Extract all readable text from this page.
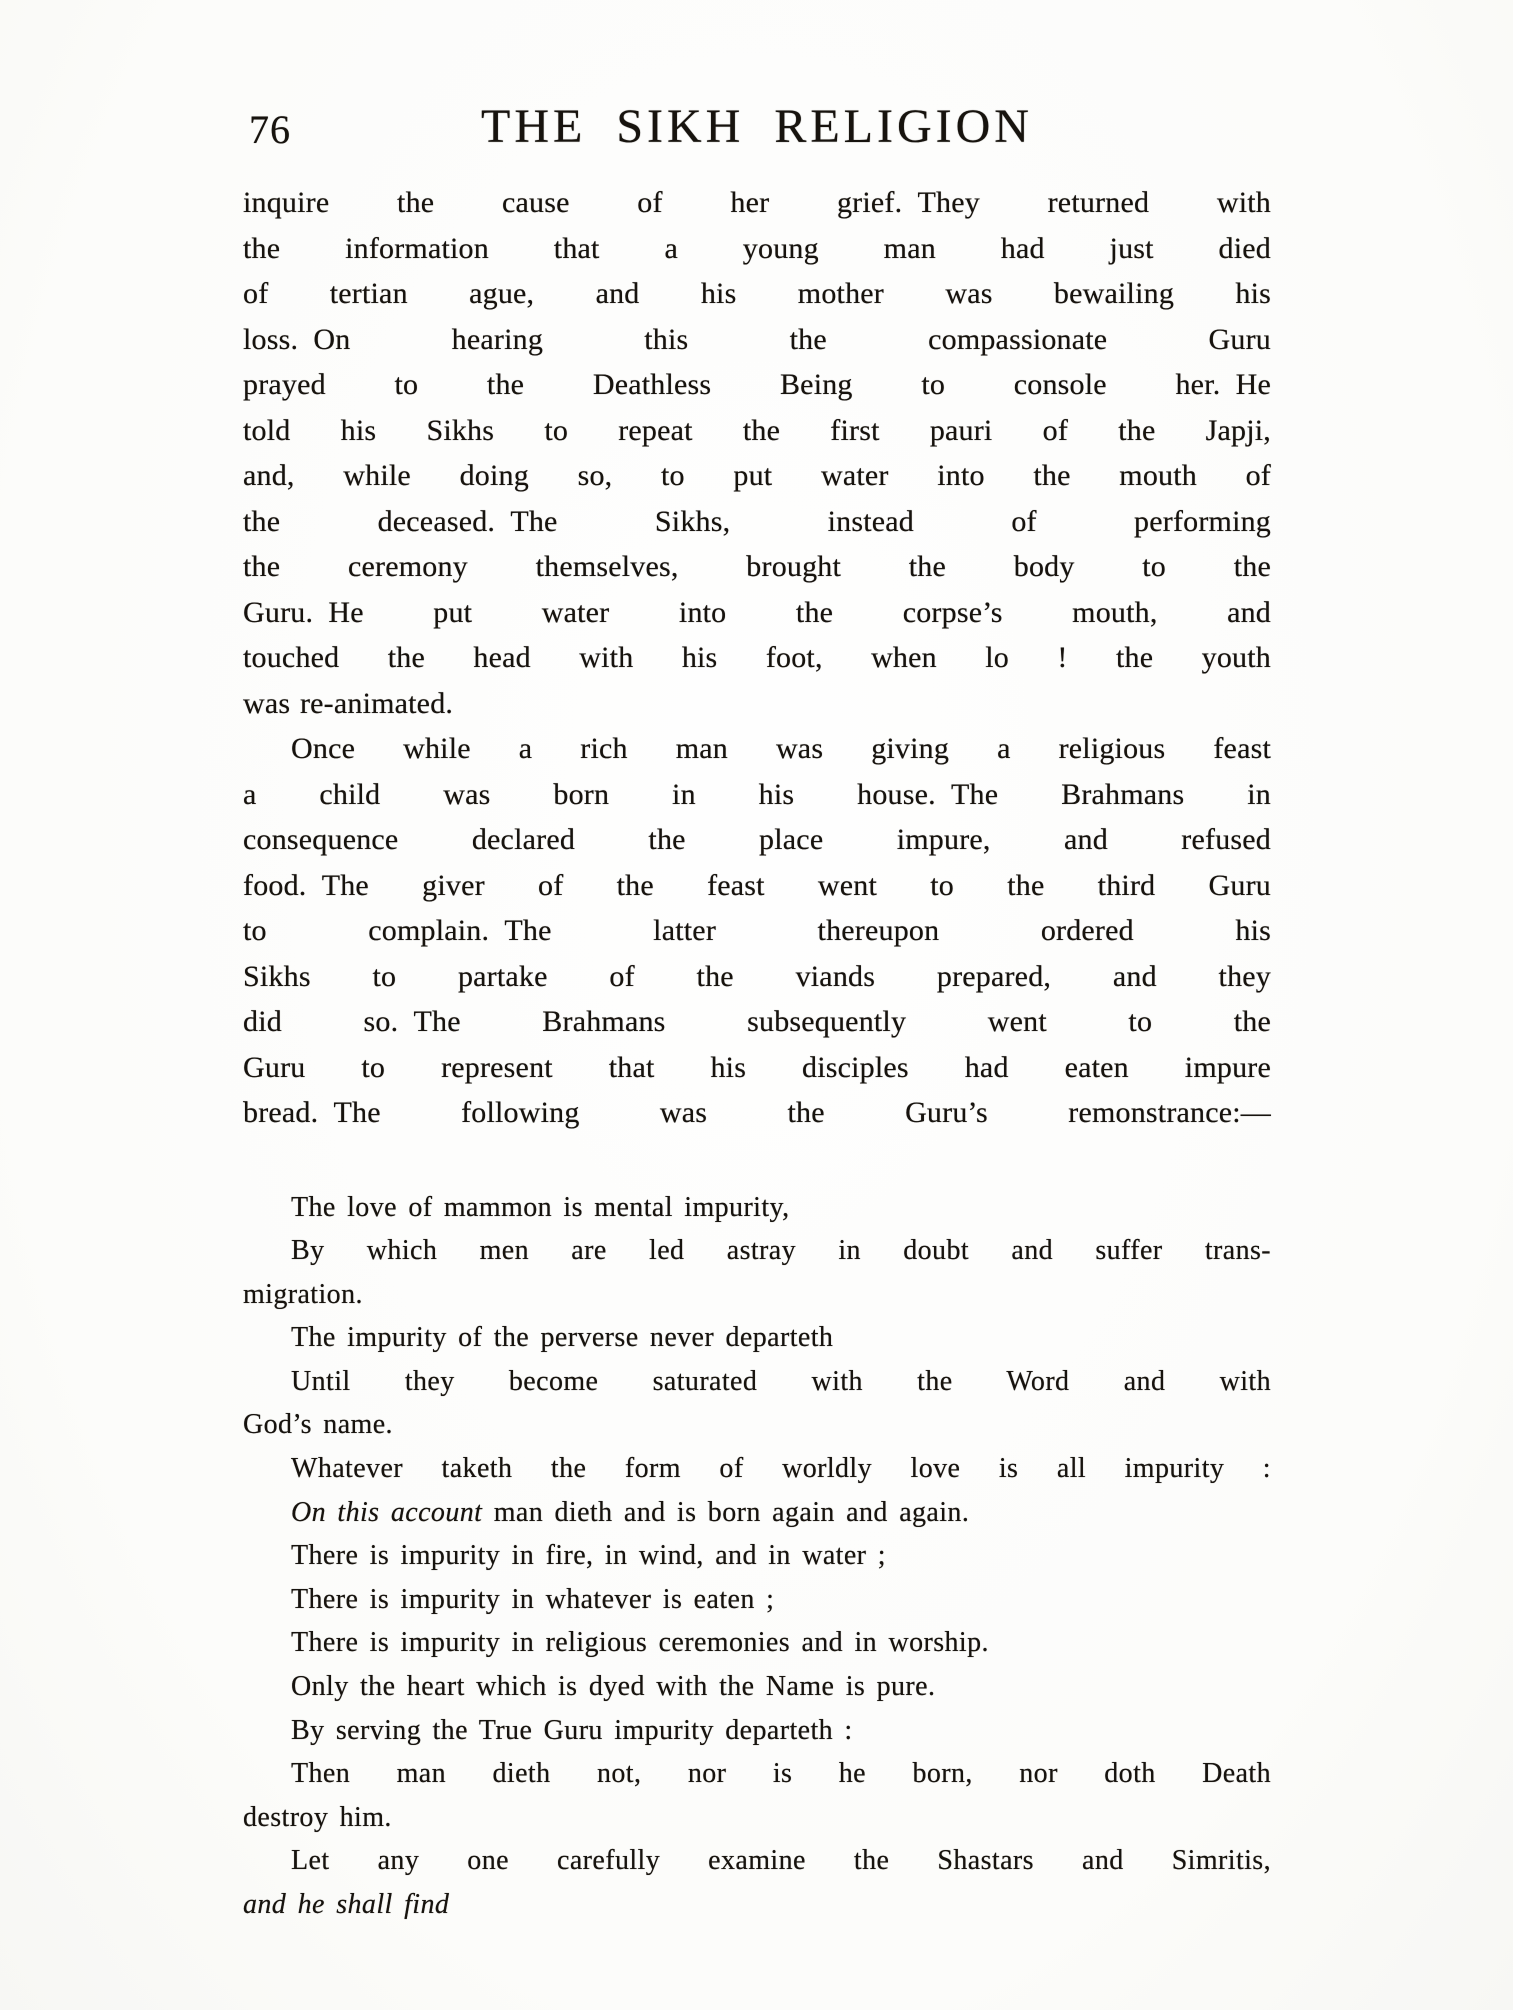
76	THE SIKH RELIGION
inquire the cause of her grief. They returned with
the information that a young man had just died
of tertian ague, and his mother was bewailing his
loss. On hearing this the compassionate Guru
prayed to the Deathless Being to console her. He
told his Sikhs to repeat the first pauri of the Japji,
and, while doing so, to put water into the mouth of
the deceased. The Sikhs, instead of performing
the ceremony themselves, brought the body to the
Guru. He put water into the corpse’s mouth, and
touched the head with his foot, when lo ! the youth
was re-animated.
Once while a rich man was giving a religious feast
a child was born in his house. The Brahmans in
consequence declared the place impure, and refused
food. The giver of the feast went to the third Guru
to complain. The latter thereupon ordered his
Sikhs to partake of the viands prepared, and they
did so. The Brahmans subsequently went to the
Guru to represent that his disciples had eaten impure
bread. The following was the Guru’s remonstrance:—
The love of mammon is mental impurity,
By which men are led astray in doubt and suffer trans-
migration.
The impurity of the perverse never departeth
Until they become saturated with the Word and with
God’s name.
Whatever taketh the form of worldly love is all impurity :
On this account man dieth and is born again and again.
There is impurity in fire, in wind, and in water ;
There is impurity in whatever is eaten ;
There is impurity in religious ceremonies and in worship.
Only the heart which is dyed with the Name is pure.
By serving the True Guru impurity departeth :
Then man dieth not, nor is he born, nor doth Death
destroy him.
Let any one carefully examine the Shastars and Simritis,
and he shall find
